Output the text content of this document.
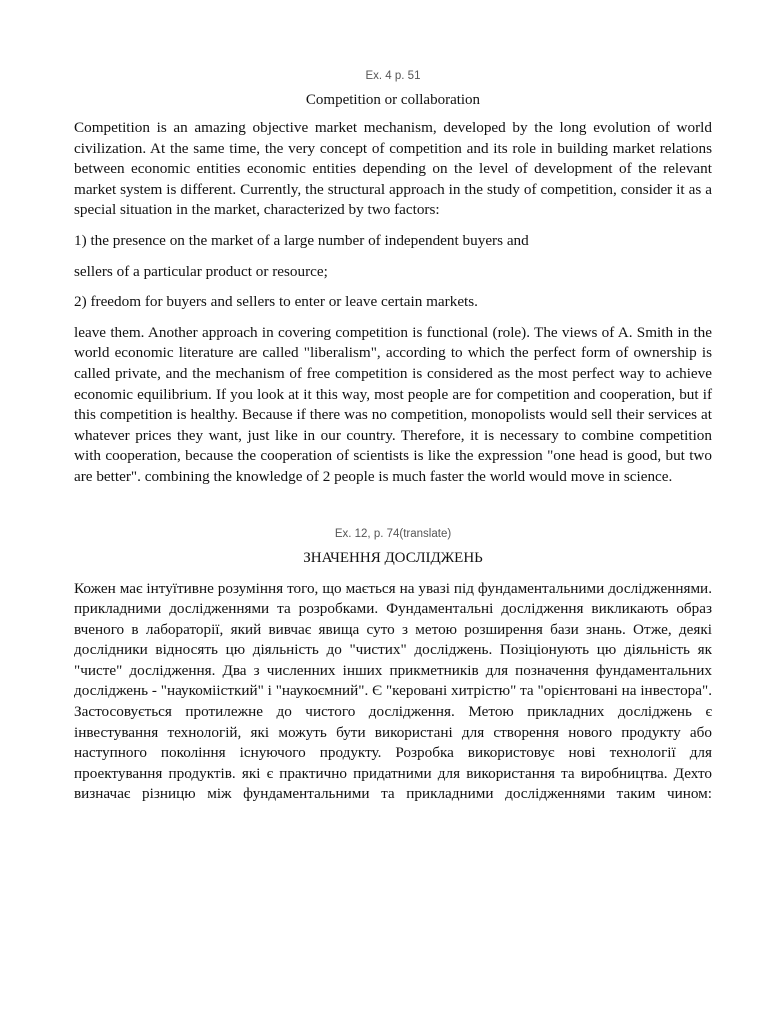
Ex. 4 p. 51

Competition or collaboration

Competition is an amazing objective market mechanism, developed by the long evolution of world civilization. At the same time, the very concept of competition and its role in building market relations between economic entities economic entities depending on the level of development of the relevant market system is different. Currently, the structural approach in the study of competition, consider it as a special situation in the market, characterized by two factors:

1) the presence on the market of a large number of independent buyers and

sellers of a particular product or resource;

2) freedom for buyers and sellers to enter or leave certain markets.

leave them. Another approach in covering competition is functional (role). The views of A. Smith in the world economic literature are called "liberalism", according to which the perfect form of ownership is called private, and the mechanism of free competition is considered as the most perfect way to achieve economic equilibrium. If you look at it this way, most people are for competition and cooperation, but if this competition is healthy. Because if there was no competition, monopolists would sell their services at whatever prices they want, just like in our country. Therefore, it is necessary to combine competition with cooperation, because the cooperation of scientists is like the expression "one head is good, but two are better". combining the knowledge of 2 people is much faster the world would move in science.

Ex. 12, p. 74(translate)

ЗНАЧЕННЯ ДОСЛІДЖЕНЬ

Кожен має інтуїтивне розуміння того, що мається на увазі під фундаментальними дослідженнями. прикладними дослідженнями та розробками. Фундаментальні дослідження викликають образ вченого в лабораторії, який вивчає явища суто з метою розширення бази знань. Отже, деякі дослідники відносять цю діяльність до "чистих" досліджень. Позіціонують цю діяльність як "чисте" дослідження. Два з численних інших прикметників для позначення фундаментальних досліджень - "наукоміісткий" і "наукоємний". Є "керовані хитрістю" та "орієнтовані на інвестора". Застосовується протилежне до чистого дослідження. Метою прикладних досліджень є інвестування технологій, які можуть бути використані для створення нового продукту або наступного покоління існуючого продукту. Розробка використовує нові технології для проектування продуктів. які є практично придатними для використання та виробництва. Дехто визначає різницю між фундаментальними та прикладними дослідженнями таким чином:
